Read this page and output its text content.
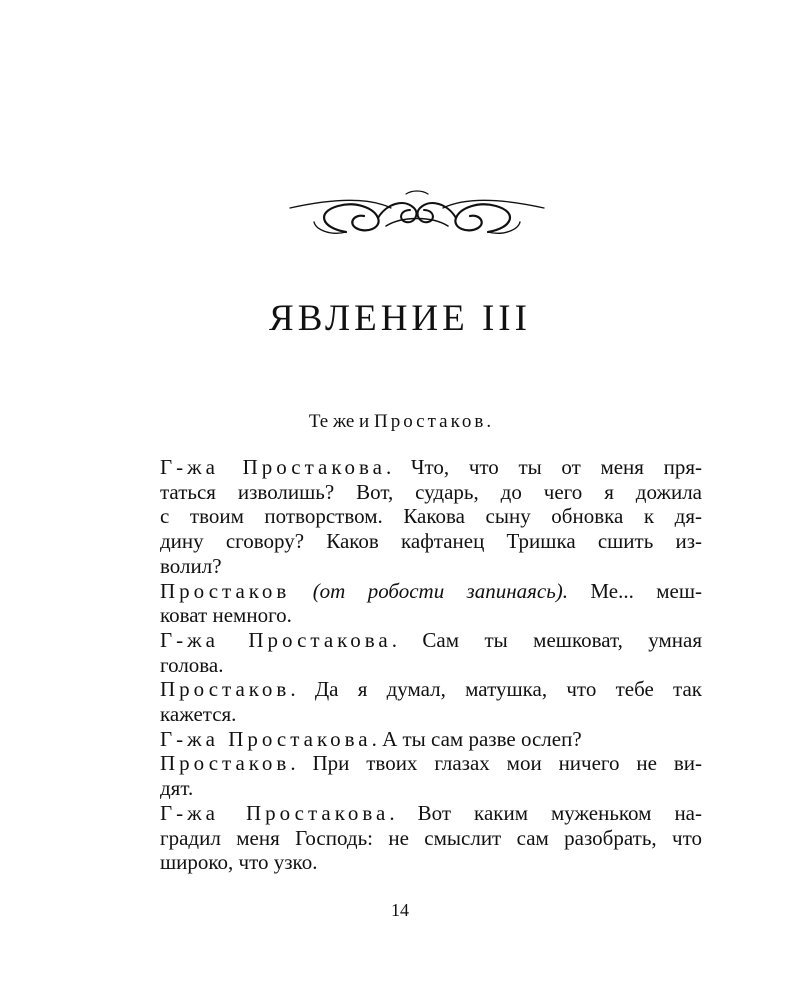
ЯВЛЕНИЕ III

Те же и Простаков.

Г-жа Простакова. Что, что ты от меня пря-
таться изволишь? Вот, сударь, до чего я дожила
с твоим потворством. Какова сыну обновка к дя-
дину сговору? Каков кафтанец Тришка сшить из-
волил?

Простаков (от робости запинаясь). Ме... меш-
коват немного.

Г-жа Простакова. Сам ты мешковат, умная
голова.

Простаков. Да я думал, матушка, что тебе так
кажется.

Г-жа Простакова. А ты сам разве ослеп?

Простаков. При твоих глазах мои ничего не ви-
дят.

Г-жа Простакова. Вот каким муженьком на-
градил меня Господь: не смыслит сам разобрать, что
широко, что узко.

14
